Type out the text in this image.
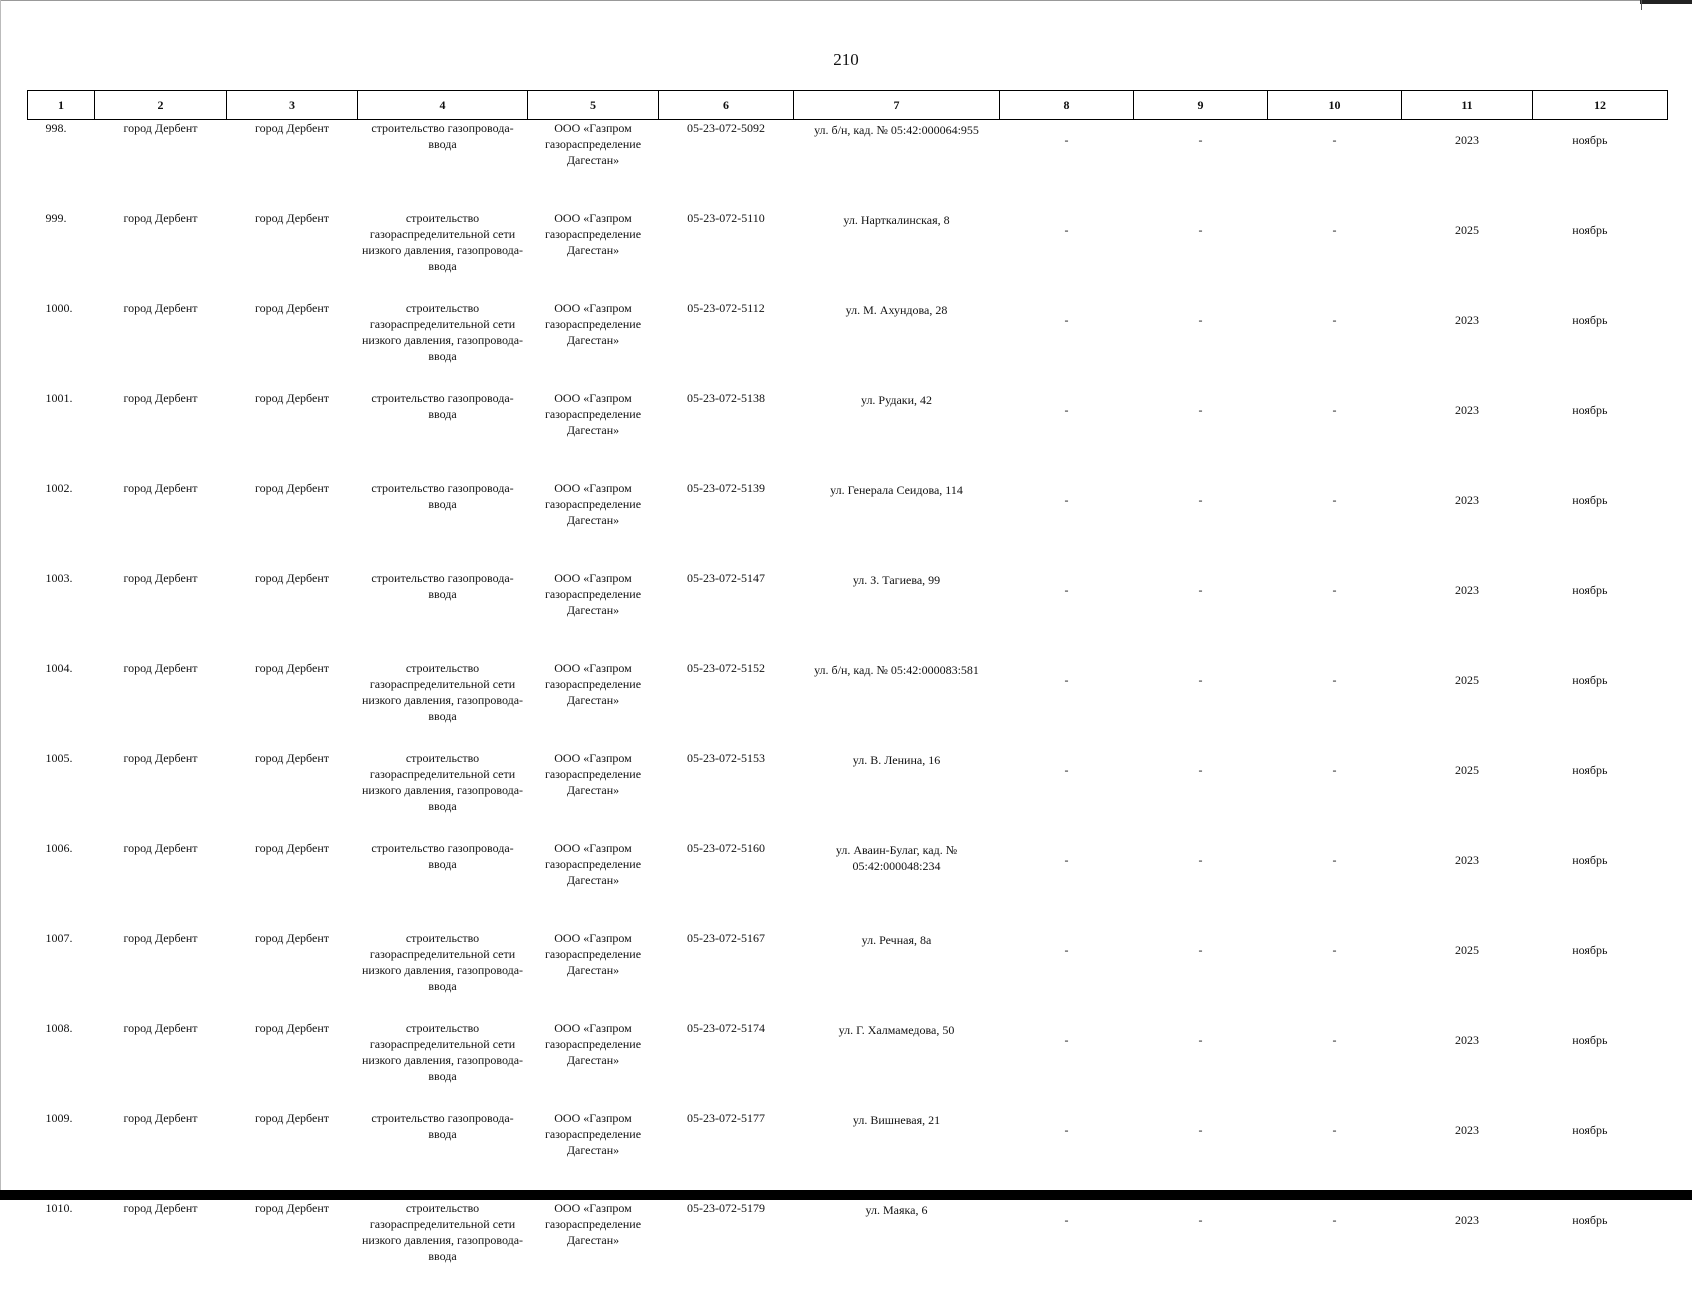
210
1	2	3	4	5	6	7	8	9	10	11	12
998.	город Дербент	город Дербент	строительство газопровода-ввода	ООО «Газпром газораспределение Дагестан»	05-23-072-5092	ул. б/н, кад. № 05:42:000064:955	-	-	-	2023	ноябрь
999.	город Дербент	город Дербент	строительство газораспределительной сети низкого давления, газопровода-ввода	ООО «Газпром газораспределение Дагестан»	05-23-072-5110	ул. Нарткалинская, 8	-	-	-	2025	ноябрь
1000.	город Дербент	город Дербент	строительство газораспределительной сети низкого давления, газопровода-ввода	ООО «Газпром газораспределение Дагестан»	05-23-072-5112	ул. М. Ахундова, 28	-	-	-	2023	ноябрь
1001.	город Дербент	город Дербент	строительство газопровода-ввода	ООО «Газпром газораспределение Дагестан»	05-23-072-5138	ул. Рудаки, 42	-	-	-	2023	ноябрь
1002.	город Дербент	город Дербент	строительство газопровода-ввода	ООО «Газпром газораспределение Дагестан»	05-23-072-5139	ул. Генерала Сеидова, 114	-	-	-	2023	ноябрь
1003.	город Дербент	город Дербент	строительство газопровода-ввода	ООО «Газпром газораспределение Дагестан»	05-23-072-5147	ул. З. Тагиева, 99	-	-	-	2023	ноябрь
1004.	город Дербент	город Дербент	строительство газораспределительной сети низкого давления, газопровода-ввода	ООО «Газпром газораспределение Дагестан»	05-23-072-5152	ул. б/н, кад. № 05:42:000083:581	-	-	-	2025	ноябрь
1005.	город Дербент	город Дербент	строительство газораспределительной сети низкого давления, газопровода-ввода	ООО «Газпром газораспределение Дагестан»	05-23-072-5153	ул. В. Ленина, 16	-	-	-	2025	ноябрь
1006.	город Дербент	город Дербент	строительство газопровода-ввода	ООО «Газпром газораспределение Дагестан»	05-23-072-5160	ул. Аваин-Булаг, кад. № 05:42:000048:234	-	-	-	2023	ноябрь
1007.	город Дербент	город Дербент	строительство газораспределительной сети низкого давления, газопровода-ввода	ООО «Газпром газораспределение Дагестан»	05-23-072-5167	ул. Речная, 8а	-	-	-	2025	ноябрь
1008.	город Дербент	город Дербент	строительство газораспределительной сети низкого давления, газопровода-ввода	ООО «Газпром газораспределение Дагестан»	05-23-072-5174	ул. Г. Халмамедова, 50	-	-	-	2023	ноябрь
1009.	город Дербент	город Дербент	строительство газопровода-ввода	ООО «Газпром газораспределение Дагестан»	05-23-072-5177	ул. Вишневая, 21	-	-	-	2023	ноябрь
1010.	город Дербент	город Дербент	строительство газораспределительной сети низкого давления, газопровода-ввода	ООО «Газпром газораспределение Дагестан»	05-23-072-5179	ул. Маяка, 6	-	-	-	2023	ноябрь
